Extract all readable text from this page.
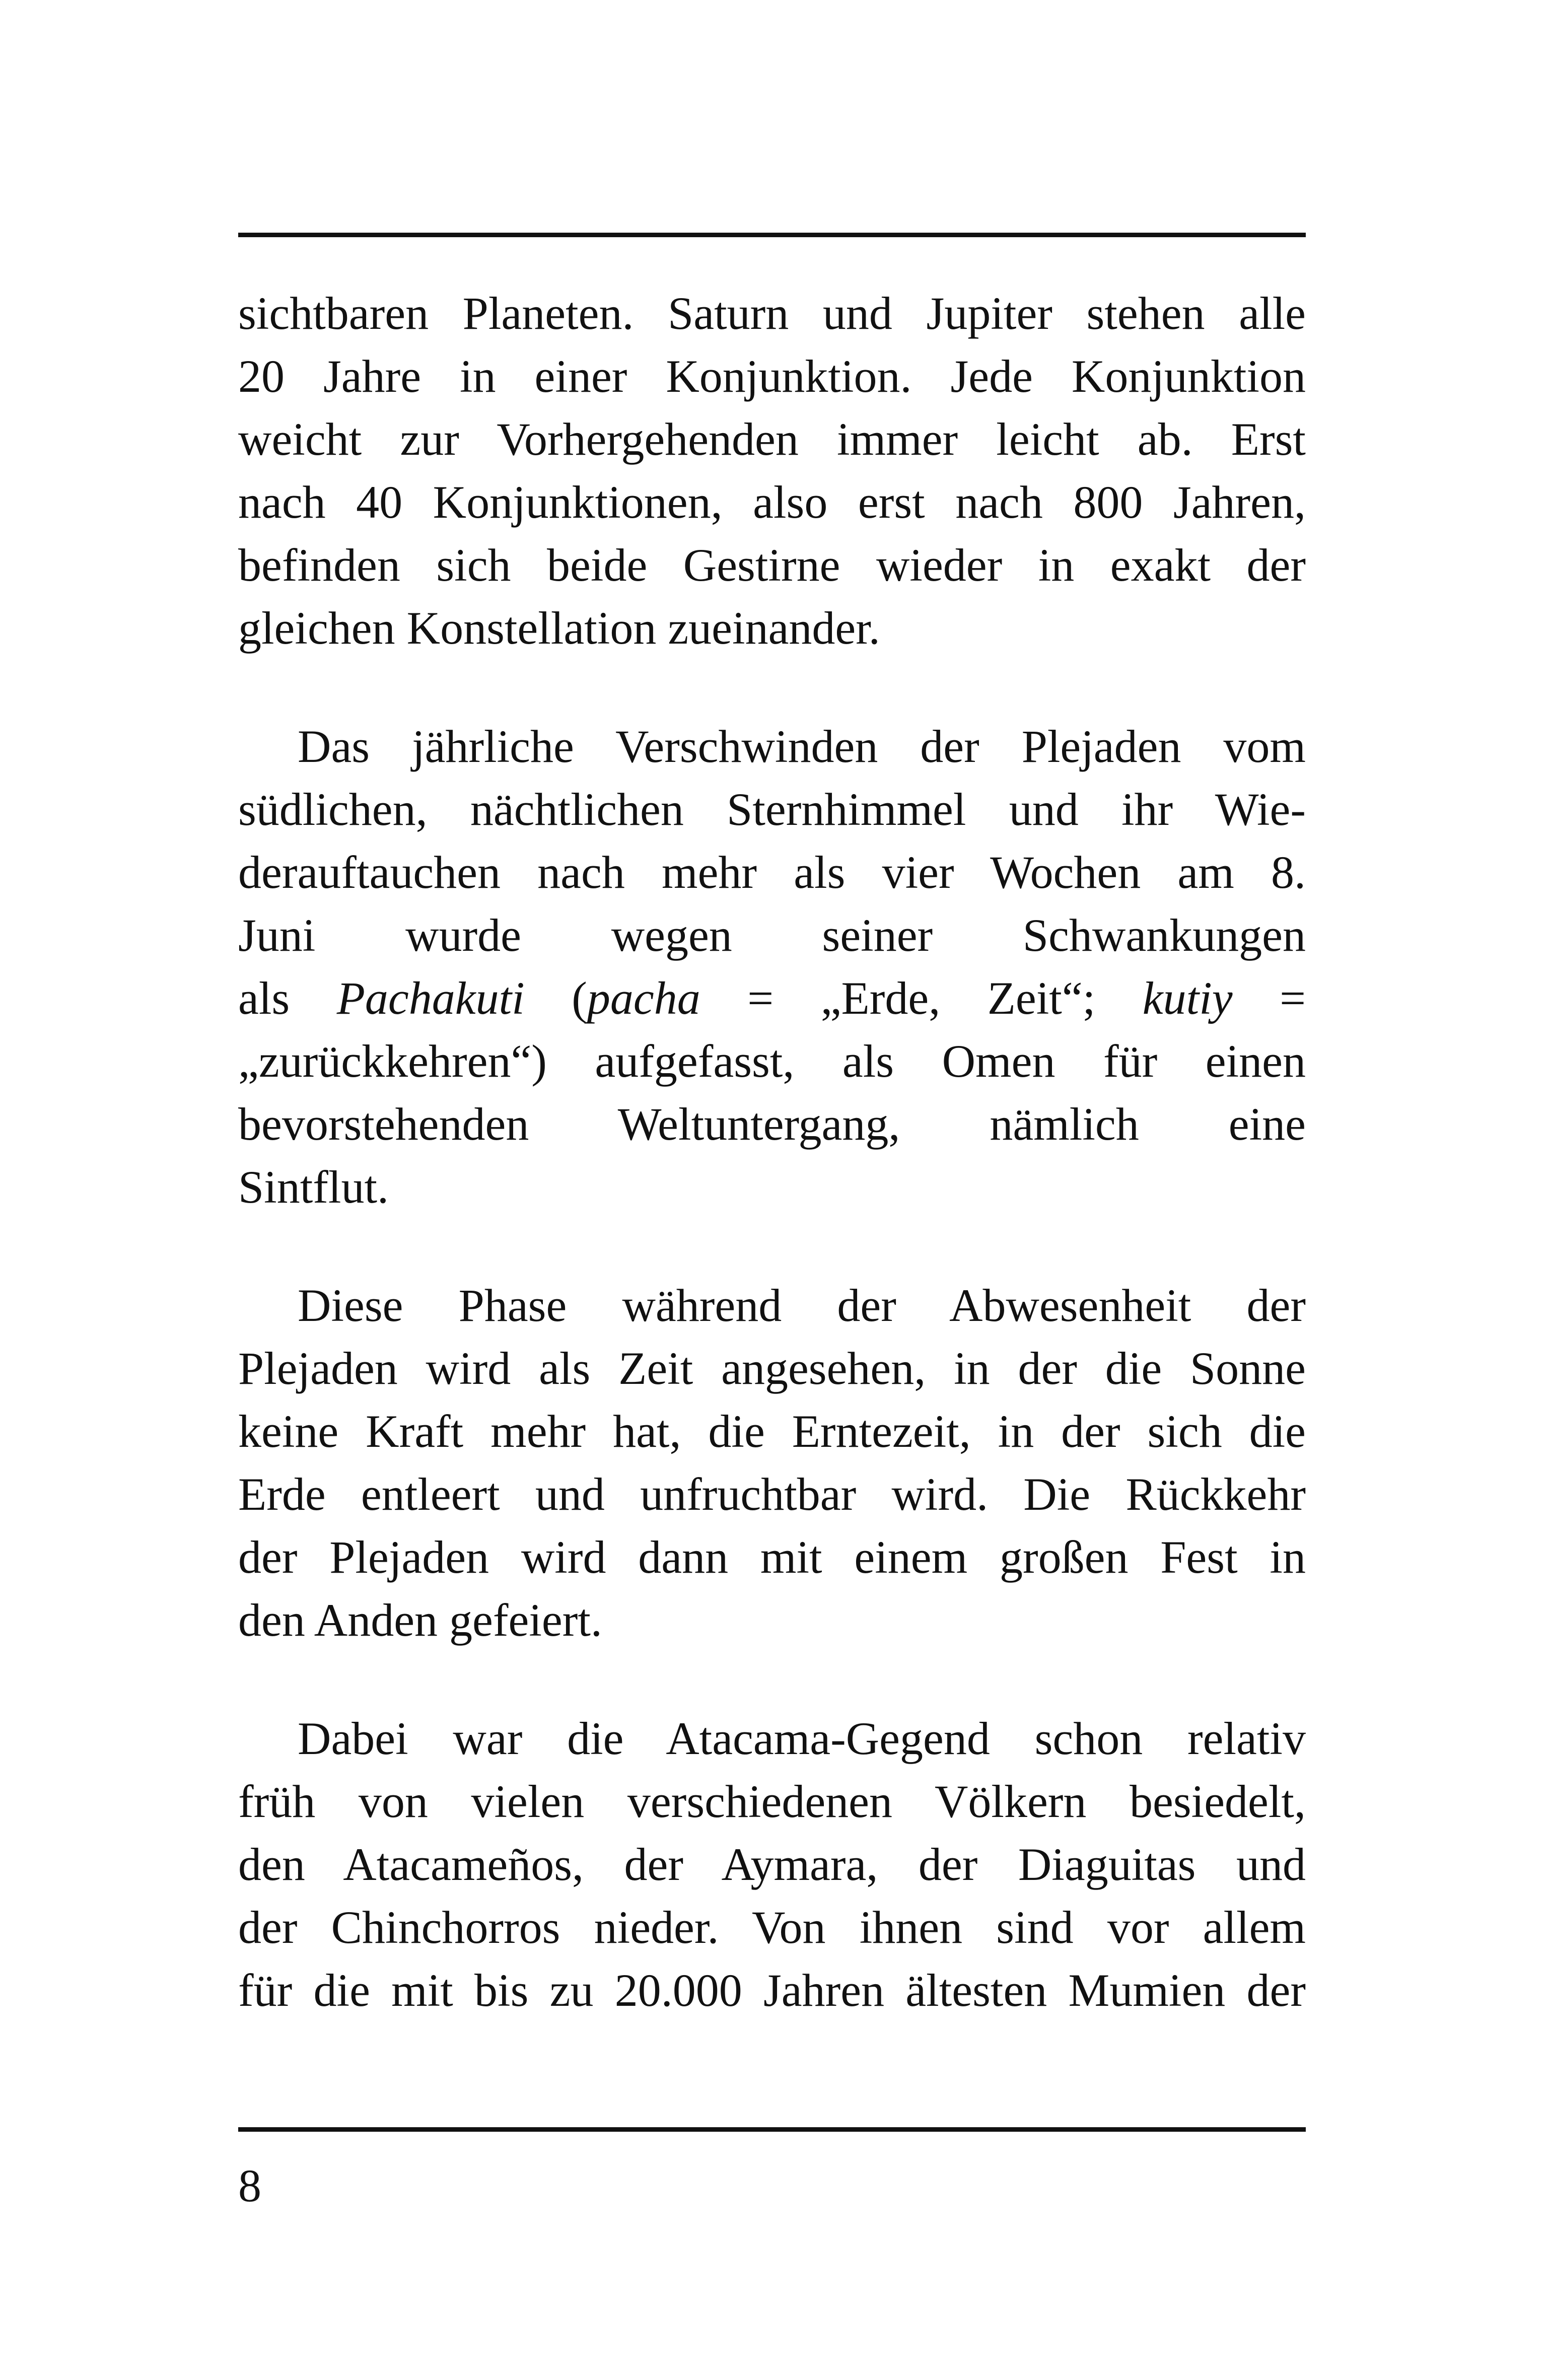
sichtbaren Planeten. Saturn und Jupiter stehen alle
20 Jahre in einer Konjunktion. Jede Konjunktion
weicht zur Vorhergehenden immer leicht ab. Erst
nach 40 Konjunktionen, also erst nach 800 Jahren,
befinden sich beide Gestirne wieder in exakt der
gleichen Konstellation zueinander.

Das jährliche Verschwinden der Plejaden vom
südlichen, nächtlichen Sternhimmel und ihr Wie-
derauftauchen nach mehr als vier Wochen am 8.
Juni wurde wegen seiner Schwankungen
als Pachakuti (pacha = „Erde, Zeit“; kutiy =
„zurückkehren“) aufgefasst, als Omen für einen
bevorstehenden Weltuntergang, nämlich eine
Sintflut.

Diese Phase während der Abwesenheit der
Plejaden wird als Zeit angesehen, in der die Sonne
keine Kraft mehr hat, die Erntezeit, in der sich die
Erde entleert und unfruchtbar wird. Die Rückkehr
der Plejaden wird dann mit einem großen Fest in
den Anden gefeiert.

Dabei war die Atacama-Gegend schon relativ
früh von vielen verschiedenen Völkern besiedelt,
den Atacameños, der Aymara, der Diaguitas und
der Chinchorros nieder. Von ihnen sind vor allem
für die mit bis zu 20.000 Jahren ältesten Mumien der

8
